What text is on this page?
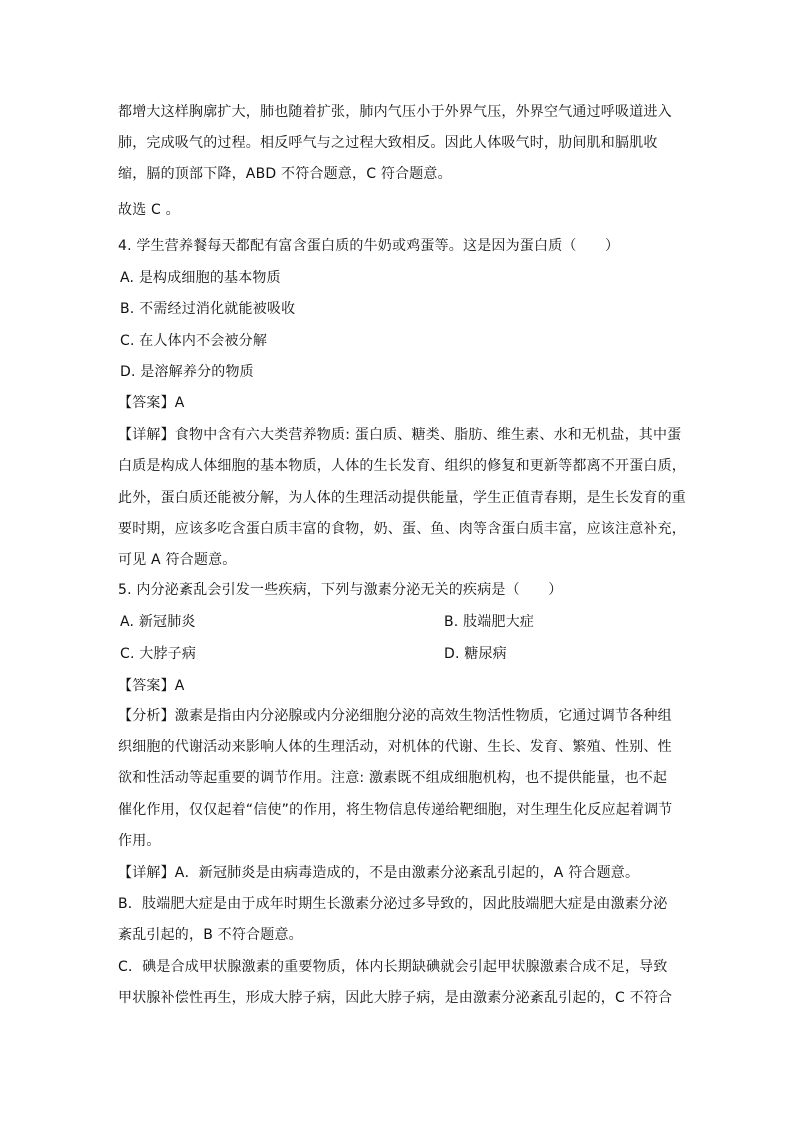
都增大这样胸廓扩大，肺也随着扩张，肺内气压小于外界气压，外界空气通过呼吸道进入
肺，完成吸气的过程。相反呼气与之过程大致相反。因此人体吸气时，肋间肌和膈肌收
缩，膈的顶部下降，ABD 不符合题意，C 符合题意。
故选 C 。
4. 学生营养餐每天都配有富含蛋白质的牛奶或鸡蛋等。这是因为蛋白质（　　）
A. 是构成细胞的基本物质
B. 不需经过消化就能被吸收
C. 在人体内不会被分解
D. 是溶解养分的物质
【答案】A
【详解】食物中含有六大类营养物质: 蛋白质、糖类、脂肪、维生素、水和无机盐，其中蛋
白质是构成人体细胞的基本物质，人体的生长发育、组织的修复和更新等都离不开蛋白质，
此外，蛋白质还能被分解，为人体的生理活动提供能量，学生正值青春期，是生长发育的重
要时期，应该多吃含蛋白质丰富的食物，奶、蛋、鱼、肉等含蛋白质丰富，应该注意补充，
可见 A 符合题意。
5. 内分泌紊乱会引发一些疾病，下列与激素分泌无关的疾病是（　　）
A. 新冠肺炎	B. 肢端肥大症
C. 大脖子病	D. 糖尿病
【答案】A
【分析】激素是指由内分泌腺或内分泌细胞分泌的高效生物活性物质，它通过调节各种组
织细胞的代谢活动来影响人体的生理活动，对机体的代谢、生长、发育、繁殖、性别、性
欲和性活动等起重要的调节作用。注意: 激素既不组成细胞机构，也不提供能量，也不起
催化作用，仅仅起着“信使”的作用，将生物信息传递给靶细胞，对生理生化反应起着调节
作用。
【详解】A．新冠肺炎是由病毒造成的，不是由激素分泌紊乱引起的，A 符合题意。
B．肢端肥大症是由于成年时期生长激素分泌过多导致的，因此肢端肥大症是由激素分泌
紊乱引起的，B 不符合题意。
C．碘是合成甲状腺激素的重要物质，体内长期缺碘就会引起甲状腺激素合成不足，导致
甲状腺补偿性再生，形成大脖子病，因此大脖子病，是由激素分泌紊乱引起的，C 不符合
